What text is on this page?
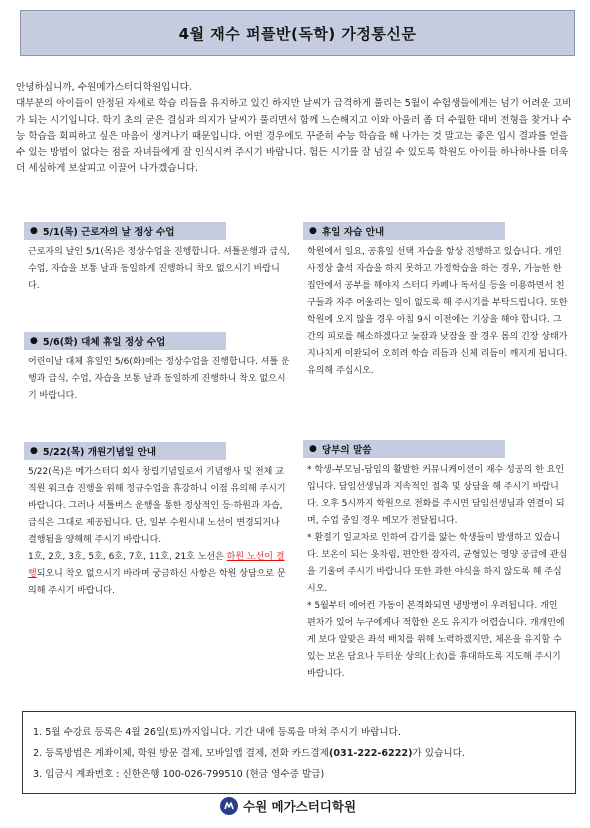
4월 재수 퍼플반(독학) 가정통신문

안녕하십니까, 수원메가스터디학원입니다.

대부분의 아이들이 안정된 자세로 학습 리듬을 유지하고 있긴 하지만 날씨가 급격하게 풀리는 5월이 수험생들에게는 넘기 어려운 고비가 되는 시기입니다. 학기 초의 굳은 결심과 의지가 날씨가 풀리면서 함께 느슨해지고 이와 아울러 좀 더 수월한 대비 전형을 찾거나 수능 학습을 회피하고 싶은 마음이 생겨나기 때문입니다. 어떤 경우에도 꾸준히 수능 학습을 해 나가는 것 말고는 좋은 입시 결과를 얻을 수 있는 방법이 없다는 점을 자녀들에게 잘 인식시켜 주시기 바랍니다. 험든 시기를 잘 넘길 수 있도록 학원도 아이들 하나하나를 더욱 더 세심하게 보살피고 이끌어 나가겠습니다.

● 5/1(목) 근로자의 날 정상 수업

근로자의 날인 5/1(목)은 정상수업을 진행합니다. 셔틀운행과 급식, 수업, 자습을 보통 날과 동일하게 진행하니 착오 없으시기 바랍니다.

● 5/6(화) 대체 휴일 정상 수업

어린이날 대체 휴일인 5/6(화)에는 정상수업을 진행합니다. 셔틀 운행과 급식, 수업, 자습을 보통 날과 동일하게 진행하니 착오 없으시기 바랍니다.

● 5/22(목) 개원기념일 안내

5/22(목)은 메가스터디 회사 창립기념일로서 기념행사 및 전체 교직원 워크숍 진행을 위해 정규수업을 휴강하니 이점 유의해 주시기 바랍니다. 그러나 셔틀버스 운행을 통한 정상적인 등·하원과 자습, 급식은 그대로 제공됩니다. 단, 일부 수원시내 노선이 변경되거나 결행됨을 양해해 주시기 바랍니다.

1호, 2호, 3호, 5호, 6호, 7호, 11호, 21호 노선은 하원 노선이 결행되오니 착오 없으시기 바라며 궁금하신 사항은 학원 상담으로 문의해 주시기 바랍니다.

● 휴일 자습 안내

학원에서 일요, 공휴일 선택 자습을 항상 진행하고 있습니다. 개인 사정상 출석 자습을 하지 못하고 가정학습을 하는 경우, 가능한 한 집안에서 공부를 해야지 스터디 카페나 독서실 등을 이용하면서 친구들과 자주 어울리는 일이 없도록 해 주시기를 부탁드립니다. 또한 학원에 오지 않을 경우 아침 9시 이전에는 기상을 해야 합니다. 그간의 피로를 해소하겠다고 늦잠과 낮잠을 잘 경우 몸의 긴장 상태가 지나치게 이완되어 오히려 학습 리듬과 신체 리듬이 깨지게 됩니다. 유의해 주십시오.

● 당부의 말씀

* 학생-부모님-담임의 활발한 커뮤니케이션이 재수 성공의 한 요인입니다. 담임선생님과 지속적인 접촉 및 상담을 해 주시기 바랍니다. 오후 5시까지 학원으로 전화를 주시면 담임선생님과 연결이 되며, 수업 중일 경우 메모가 전달됩니다.

* 환절기 일교차로 인하여 감기를 앓는 학생들이 발생하고 있습니다. 보온이 되는 옷차림, 편안한 잠자리, 균형있는 영양 공급에 관심을 기울여 주시기 바랍니다 또한 과한 야식을 하지 않도록 해 주십시오.

* 5월부터 에어컨 가동이 본격화되면 냉방병이 우려됩니다. 개인 편차가 있어 누구에게나 적합한 온도 유지가 어렵습니다. 개개인에게 보다 알맞은 좌석 배치를 위해 노력하겠지만, 체온을 유지할 수 있는 보온 담요나 두터운 상의(上衣)를 휴대하도록 지도해 주시기 바랍니다.

1. 5월 수강료 등록은 4월 26일(토)까지입니다. 기간 내에 등록을 마쳐 주시기 바랍니다.
2. 등록방법은 계좌이체, 학원 방문 결제, 모바일앱 결제, 전화 카드결제(031-222-6222)가 있습니다.
3. 입금시 계좌번호 : 신한은행 100-026-799510 (현금 영수증 발급)
수원 메가스터디학원
